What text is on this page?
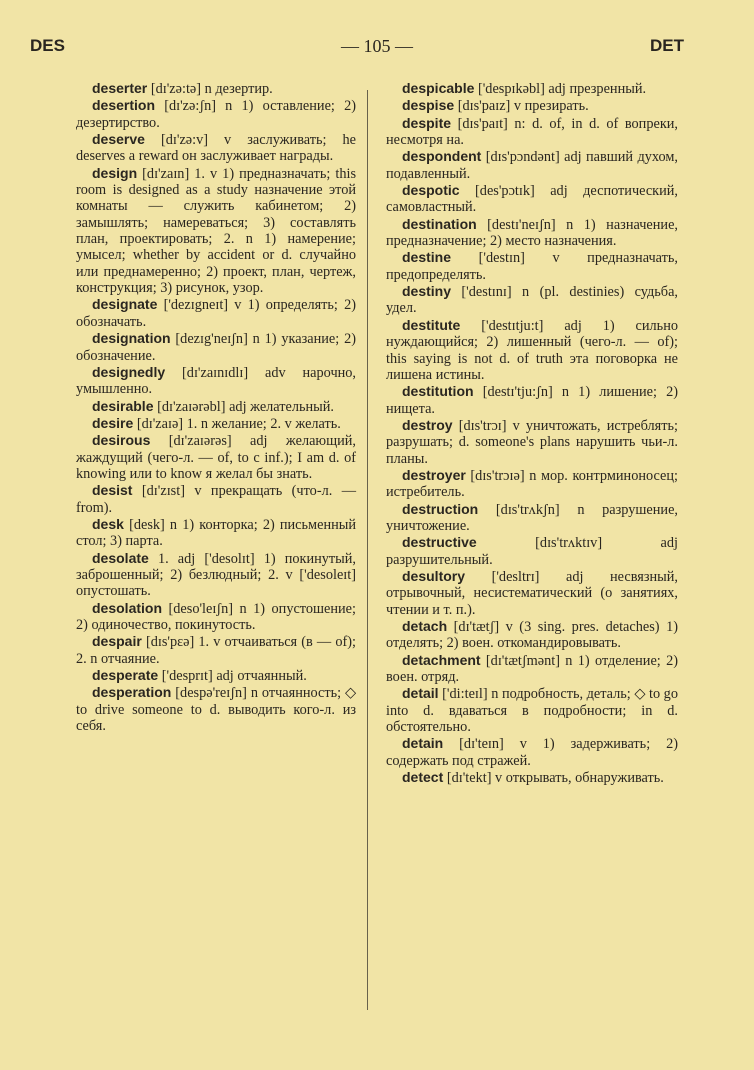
DES	— 105 —	DET

deserter [dɪ'zə:tə] n дезертир.

desertion [dɪ'zə:ʃn] n 1) оставление; 2) дезертирство.

deserve [dɪ'zə:v] v заслуживать; he deserves a reward он заслуживает награды.

design [dɪ'zaɪn] 1. v 1) предназначать; this room is designed as a study назначение этой комнаты — служить кабинетом; 2) замышлять; намереваться; 3) составлять план, проектировать; 2. n 1) намерение; умысел; whether by accident or d. случайно или преднамеренно; 2) проект, план, чертеж, конструкция; 3) рисунок, узор.

designate ['dezɪgneɪt] v 1) определять; 2) обозначать.

designation [dezɪg'neɪʃn] n 1) указание; 2) обозначение.

designedly [dɪ'zaɪnɪdlɪ] adv нарочно, умышленно.

desirable [dɪ'zaɪərəbl] adj желательный.

desire [dɪ'zaɪə] 1. n желание; 2. v желать.

desirous [dɪ'zaɪərəs] adj желающий, жаждущий (чего-л. — of, to с inf.); I am d. of knowing или to know я желал бы знать.

desist [dɪ'zɪst] v прекращать (что-л. — from).

desk [desk] n 1) конторка; 2) письменный стол; 3) парта.

desolate 1. adj ['desolɪt] 1) покинутый, заброшенный; 2) безлюдный; 2. v ['desoleɪt] опустошать.

desolation [deso'leɪʃn] n 1) опустошение; 2) одиночество, покинутость.

despair [dɪs'pɛə] 1. v отчаиваться (в — of); 2. n отчаяние.

desperate ['desprɪt] adj отчаянный.

desperation [despə'reɪʃn] n отчаянность; ◇ to drive someone to d. выводить кого-л. из себя.

despicable ['despɪkəbl] adj презренный.

despise [dɪs'paɪz] v презирать.

despite [dɪs'paɪt] n: d. of, in d. of вопреки, несмотря на.

despondent [dɪs'pɔndənt] adj павший духом, подавленный.

despotic [des'pɔtɪk] adj деспотический, самовластный.

destination [destɪ'neɪʃn] n 1) назначение, предназначение; 2) место назначения.

destine ['destɪn] v предназначать, предопределять.

destiny ['destɪnɪ] n (pl. destinies) судьба, удел.

destitute ['destɪtju:t] adj 1) сильно нуждающийся; 2) лишенный (чего-л. — of); this saying is not d. of truth эта поговорка не лишена истины.

destitution [destɪ'tju:ʃn] n 1) лишение; 2) нищета.

destroy [dɪs'trɔɪ] v уничтожать, истреблять; разрушать; d. someone's plans нарушить чьи-л. планы.

destroyer [dɪs'trɔɪə] n мор. контрминоносец; истребитель.

destruction [dɪs'trʌkʃn] n разрушение, уничтожение.

destructive	[dɪs'trʌktɪv] adj разрушительный.

desultory ['desltrɪ] adj несвязный, отрывочный, несистематический (о занятиях, чтении и т. п.).

detach [dɪ'tætʃ] v (3 sing. pres. detaches) 1) отделять; 2) воен. откомандировывать.

detachment [dɪ'tætʃmənt] n 1) отделение; 2) воен. отряд.

detail ['di:teɪl] n подробность, деталь; ◇ to go into d. вдаваться в подробности; in d. обстоятельно.

detain [dɪ'teɪn] v 1) задерживать; 2) содержать под стражей.

detect [dɪ'tekt] v открывать, обнаруживать.
